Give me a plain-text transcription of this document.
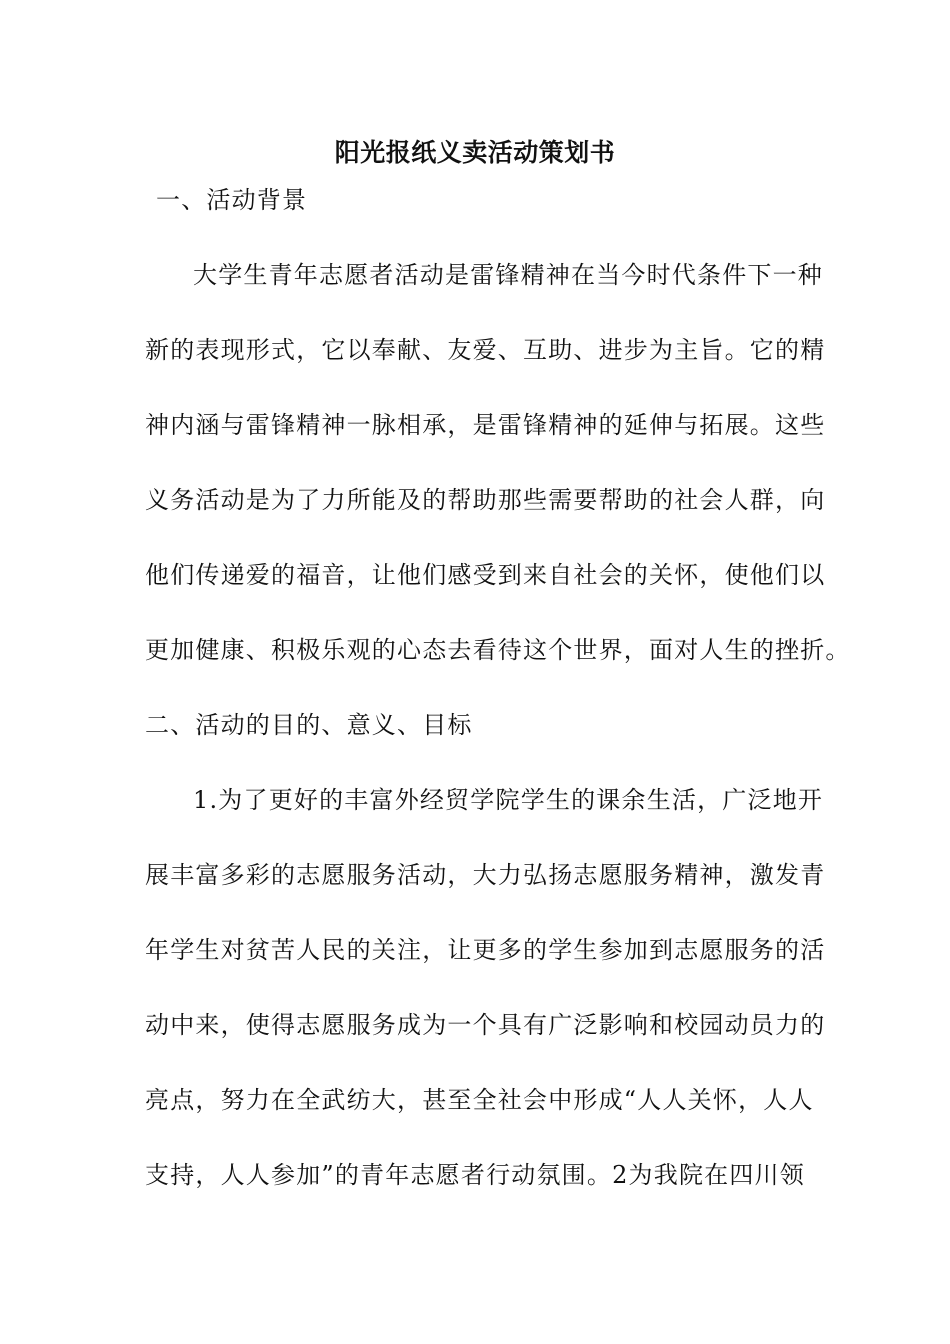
阳光报纸义卖活动策划书
一、活动背景
大学生青年志愿者活动是雷锋精神在当今时代条件下一种
新的表现形式，它以奉献、友爱、互助、进步为主旨。它的精
神内涵与雷锋精神一脉相承，是雷锋精神的延伸与拓展。这些
义务活动是为了力所能及的帮助那些需要帮助的社会人群，向
他们传递爱的福音，让他们感受到来自社会的关怀，使他们以
更加健康、积极乐观的心态去看待这个世界，面对人生的挫折。
二、活动的目的、意义、目标
1.为了更好的丰富外经贸学院学生的课余生活，广泛地开
展丰富多彩的志愿服务活动，大力弘扬志愿服务精神，激发青
年学生对贫苦人民的关注，让更多的学生参加到志愿服务的活
动中来，使得志愿服务成为一个具有广泛影响和校园动员力的
亮点，努力在全武纺大，甚至全社会中形成“人人关怀，人人
支持，人人参加”的青年志愿者行动氛围。2为我院在四川领
